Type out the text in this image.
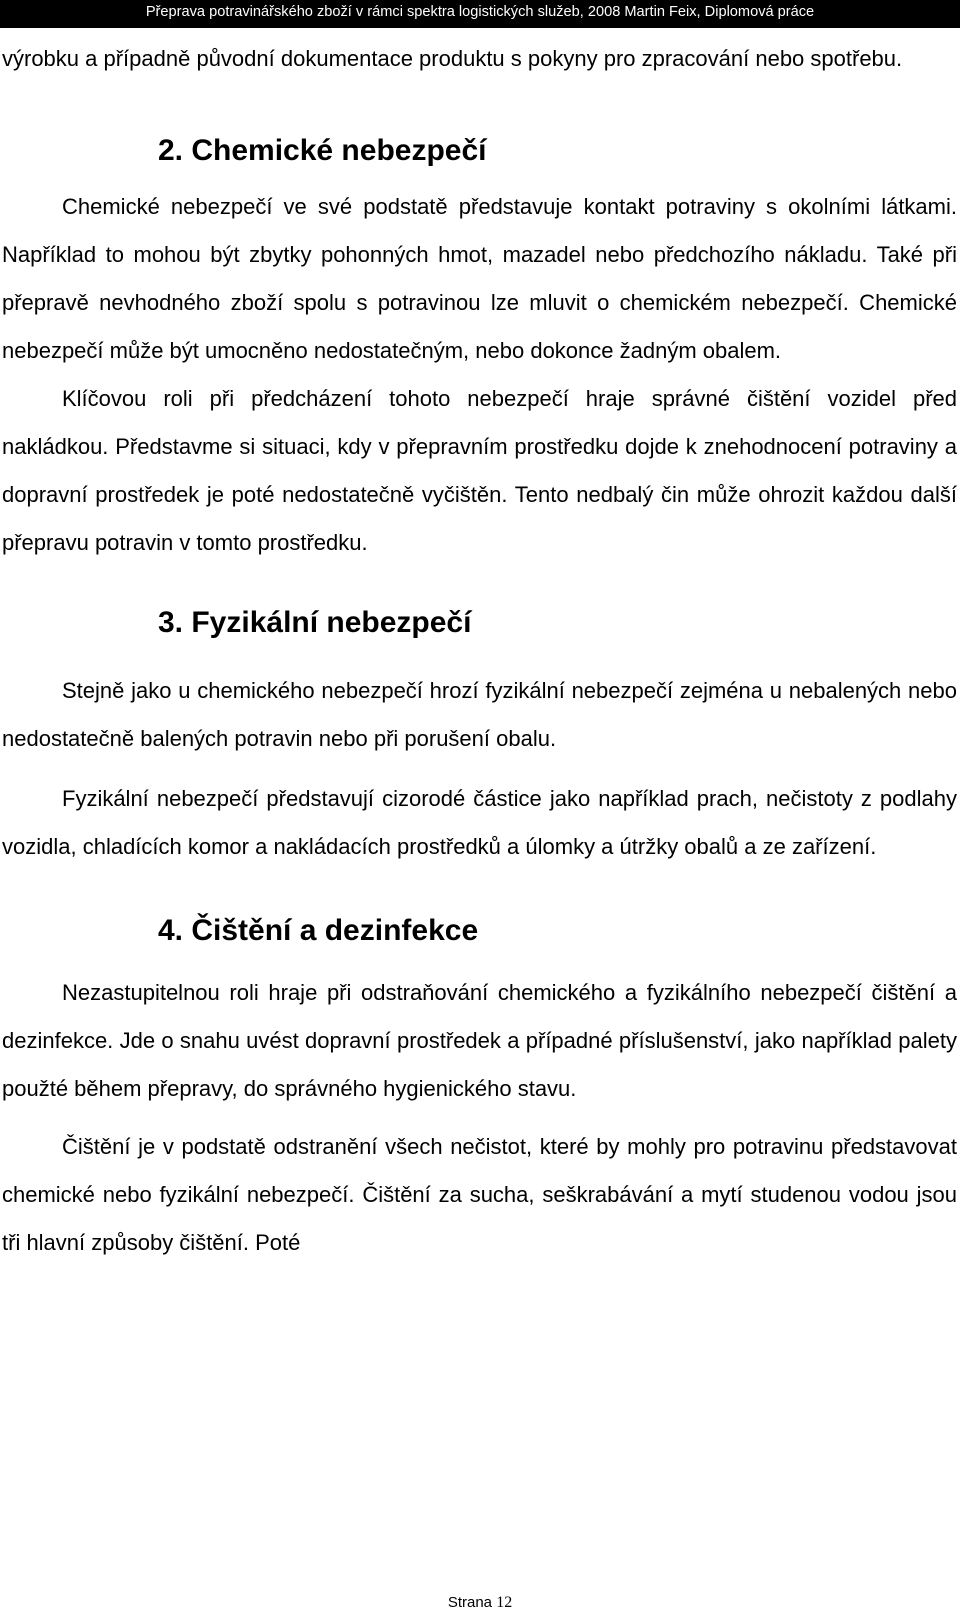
Přeprava potravinářského zboží v rámci spektra logistických služeb, 2008 Martin Feix, Diplomová práce

výrobku a případně původní dokumentace produktu s pokyny pro zpracování nebo spotřebu.

2. Chemické nebezpečí

Chemické nebezpečí ve své podstatě představuje kontakt potraviny s okolními látkami. Například to mohou být zbytky pohonných hmot, mazadel nebo předchozího nákladu. Také při přepravě nevhodného zboží spolu s potravinou lze mluvit o chemickém nebezpečí. Chemické nebezpečí může být umocněno nedostatečným, nebo dokonce žadným obalem.

Klíčovou roli při předcházení tohoto nebezpečí hraje správné čištění vozidel před nakládkou. Představme si situaci, kdy v přepravním prostředku dojde k znehodnocení potraviny a dopravní prostředek je poté nedostatečně vyčištěn. Tento nedbalý čin může ohrozit každou další přepravu potravin v tomto prostředku.

3. Fyzikální nebezpečí

Stejně jako u chemického nebezpečí hrozí fyzikální nebezpečí zejména u nebalených nebo nedostatečně balených potravin nebo při porušení obalu.

Fyzikální nebezpečí představují cizorodé částice jako například prach, nečistoty z podlahy vozidla, chladících komor a nakládacích prostředků a úlomky a útržky obalů a ze zařízení.

4. Čištění a dezinfekce

Nezastupitelnou roli hraje při odstraňování chemického a fyzikálního nebezpečí čištění a dezinfekce. Jde o snahu uvést dopravní prostředek a případné příslušenství, jako například palety použté během přepravy, do správného hygienického stavu.

Čištění je v podstatě odstranění všech nečistot, které by mohly pro potravinu představovat chemické nebo fyzikální nebezpečí. Čištění za sucha, seškrabávání a mytí studenou vodou jsou tři hlavní způsoby čištění. Poté

Strana 12
